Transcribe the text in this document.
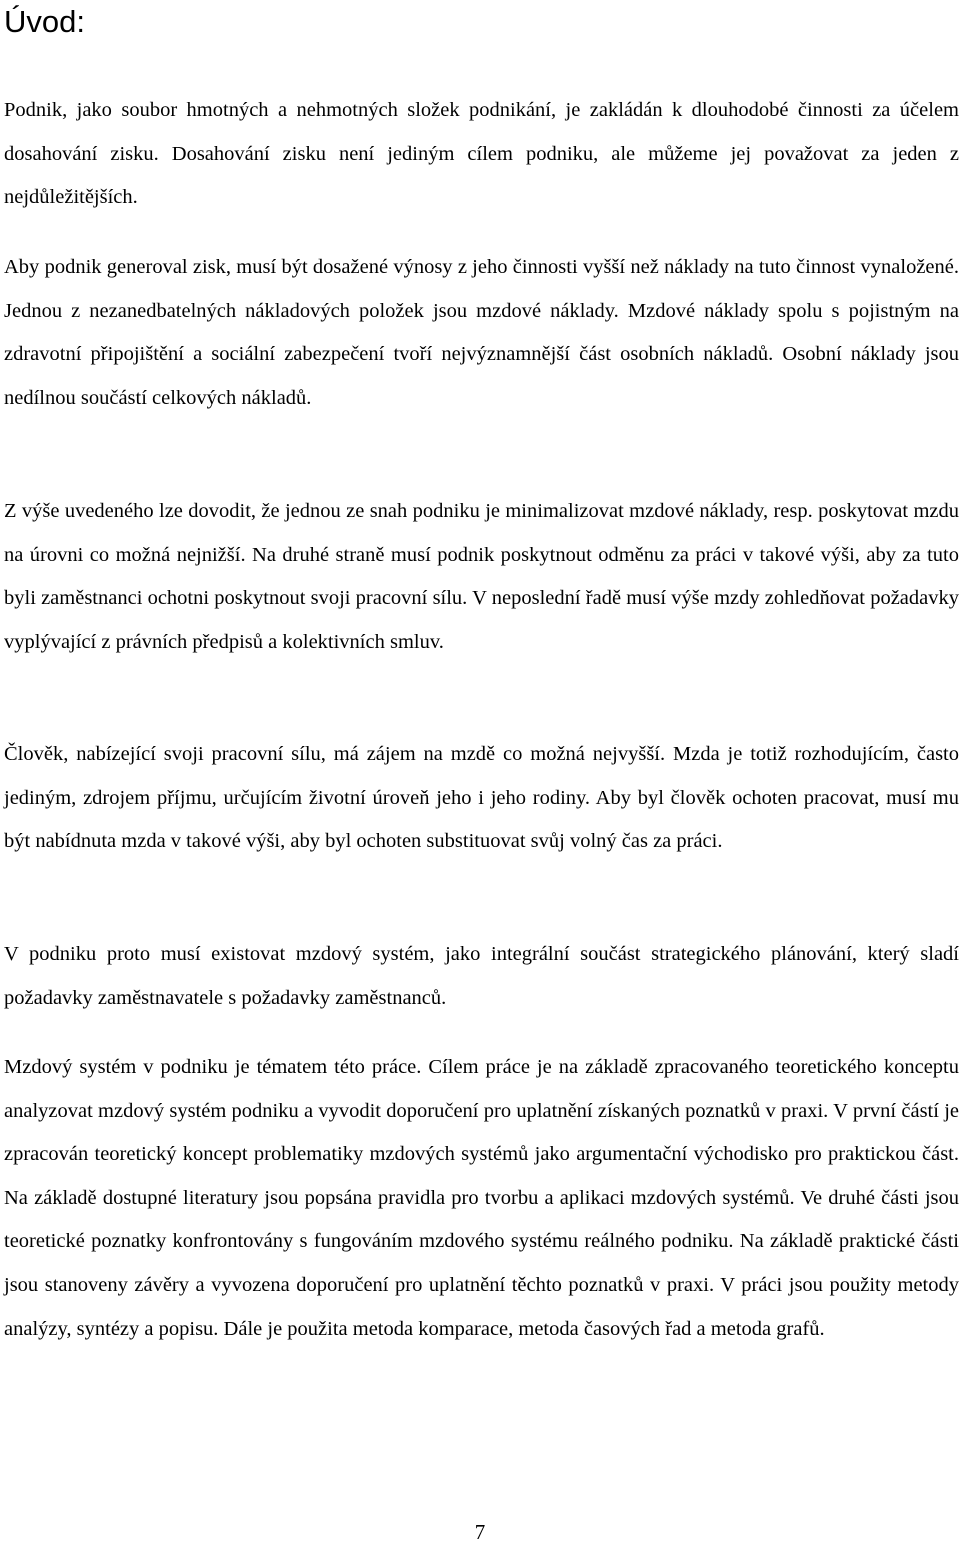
Úvod:

Podnik, jako soubor hmotných a nehmotných složek podnikání, je zakládán k dlouhodobé činnosti za účelem dosahování zisku. Dosahování zisku není jediným cílem podniku, ale můžeme jej považovat za jeden z nejdůležitějších.

Aby podnik generoval zisk, musí být dosažené výnosy z jeho činnosti vyšší než náklady na tuto činnost vynaložené. Jednou z nezanedbatelných nákladových položek jsou mzdové náklady. Mzdové náklady spolu s pojistným na zdravotní připojištění a sociální zabezpečení tvoří nejvýznamnější část osobních nákladů. Osobní náklady jsou nedílnou součástí celkových nákladů.

Z výše uvedeného lze dovodit, že jednou ze snah podniku je minimalizovat mzdové náklady, resp. poskytovat mzdu na úrovni co možná nejnižší. Na druhé straně musí podnik poskytnout odměnu za práci v takové výši, aby za tuto byli zaměstnanci ochotni poskytnout svoji pracovní sílu. V neposlední řadě musí výše mzdy zohledňovat požadavky vyplývající z právních předpisů a kolektivních smluv.

Člověk, nabízející svoji pracovní sílu, má zájem na mzdě co možná nejvyšší. Mzda je totiž rozhodujícím, často jediným, zdrojem příjmu, určujícím životní úroveň jeho i jeho rodiny. Aby byl člověk ochoten pracovat, musí mu být nabídnuta mzda v takové výši, aby byl ochoten substituovat svůj volný čas za práci.

V podniku proto musí existovat mzdový systém, jako integrální součást strategického plánování, který sladí požadavky zaměstnavatele s požadavky zaměstnanců.

Mzdový systém v podniku je tématem této práce. Cílem práce je na základě zpracovaného teoretického konceptu analyzovat mzdový systém podniku a vyvodit doporučení pro uplatnění získaných poznatků v praxi. V první částí je zpracován teoretický koncept problematiky mzdových systémů jako argumentační východisko pro praktickou část. Na základě dostupné literatury jsou popsána pravidla pro tvorbu a aplikaci mzdových systémů. Ve druhé části jsou teoretické poznatky konfrontovány s fungováním mzdového systému reálného podniku. Na základě praktické části jsou stanoveny závěry a vyvozena doporučení pro uplatnění těchto poznatků v praxi. V práci jsou použity metody analýzy, syntézy a popisu. Dále je použita metoda komparace, metoda časových řad a metoda grafů.

7
